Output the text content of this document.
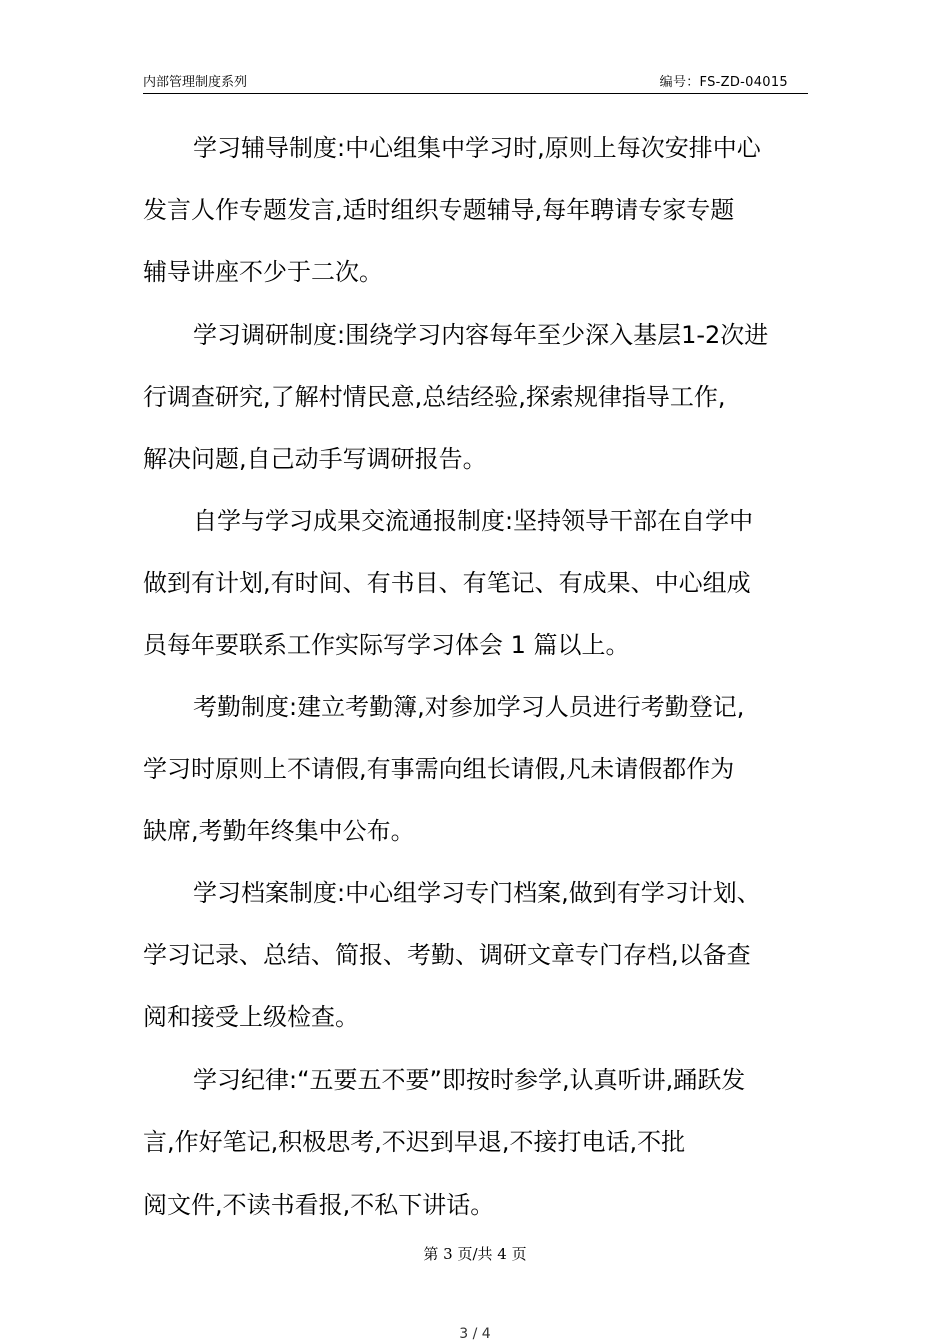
内部管理制度系列	编号：FS-ZD-04015
学习辅导制度:中心组集中学习时,原则上每次安排中心
发言人作专题发言,适时组织专题辅导,每年聘请专家专题
辅导讲座不少于二次。
学习调研制度:围绕学习内容每年至少深入基层1-2次进
行调查研究,了解村情民意,总结经验,探索规律指导工作,
解决问题,自己动手写调研报告。
自学与学习成果交流通报制度:坚持领导干部在自学中
做到有计划,有时间、有书目、有笔记、有成果、中心组成
员每年要联系工作实际写学习体会 1 篇以上。
考勤制度:建立考勤簿,对参加学习人员进行考勤登记,
学习时原则上不请假,有事需向组长请假,凡未请假都作为
缺席,考勤年终集中公布。
学习档案制度:中心组学习专门档案,做到有学习计划、
学习记录、总结、简报、考勤、调研文章专门存档,以备查
阅和接受上级检查。
学习纪律:“五要五不要”即按时参学,认真听讲,踊跃发
言,作好笔记,积极思考,不迟到早退,不接打电话,不批
阅文件,不读书看报,不私下讲话。
第 3 页/共 4 页
3 / 4
